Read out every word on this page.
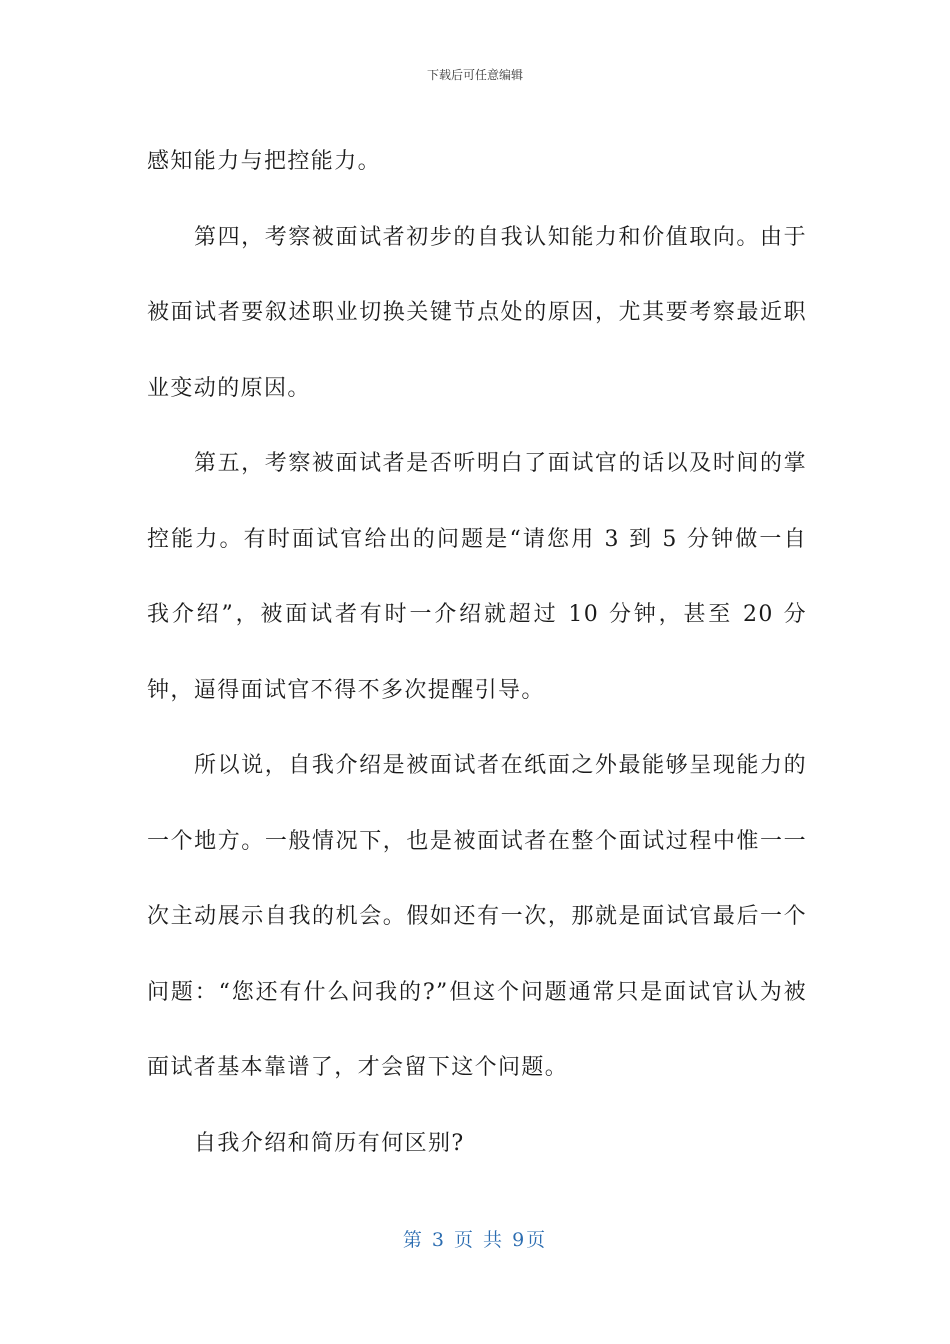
下载后可任意编辑

感知能力与把控能力。

第四，考察被面试者初步的自我认知能力和价值取向。由于被面试者要叙述职业切换关键节点处的原因，尤其要考察最近职业变动的原因。

第五，考察被面试者是否听明白了面试官的话以及时间的掌控能力。有时面试官给出的问题是“请您用 3 到 5 分钟做一自我介绍”，被面试者有时一介绍就超过 10 分钟，甚至 20 分钟，逼得面试官不得不多次提醒引导。

所以说，自我介绍是被面试者在纸面之外最能够呈现能力的一个地方。一般情况下，也是被面试者在整个面试过程中惟一一次主动展示自我的机会。假如还有一次，那就是面试官最后一个问题：“您还有什么问我的?”但这个问题通常只是面试官认为被面试者基本靠谱了，才会留下这个问题。

自我介绍和简历有何区别?

第 3 页 共 9页
